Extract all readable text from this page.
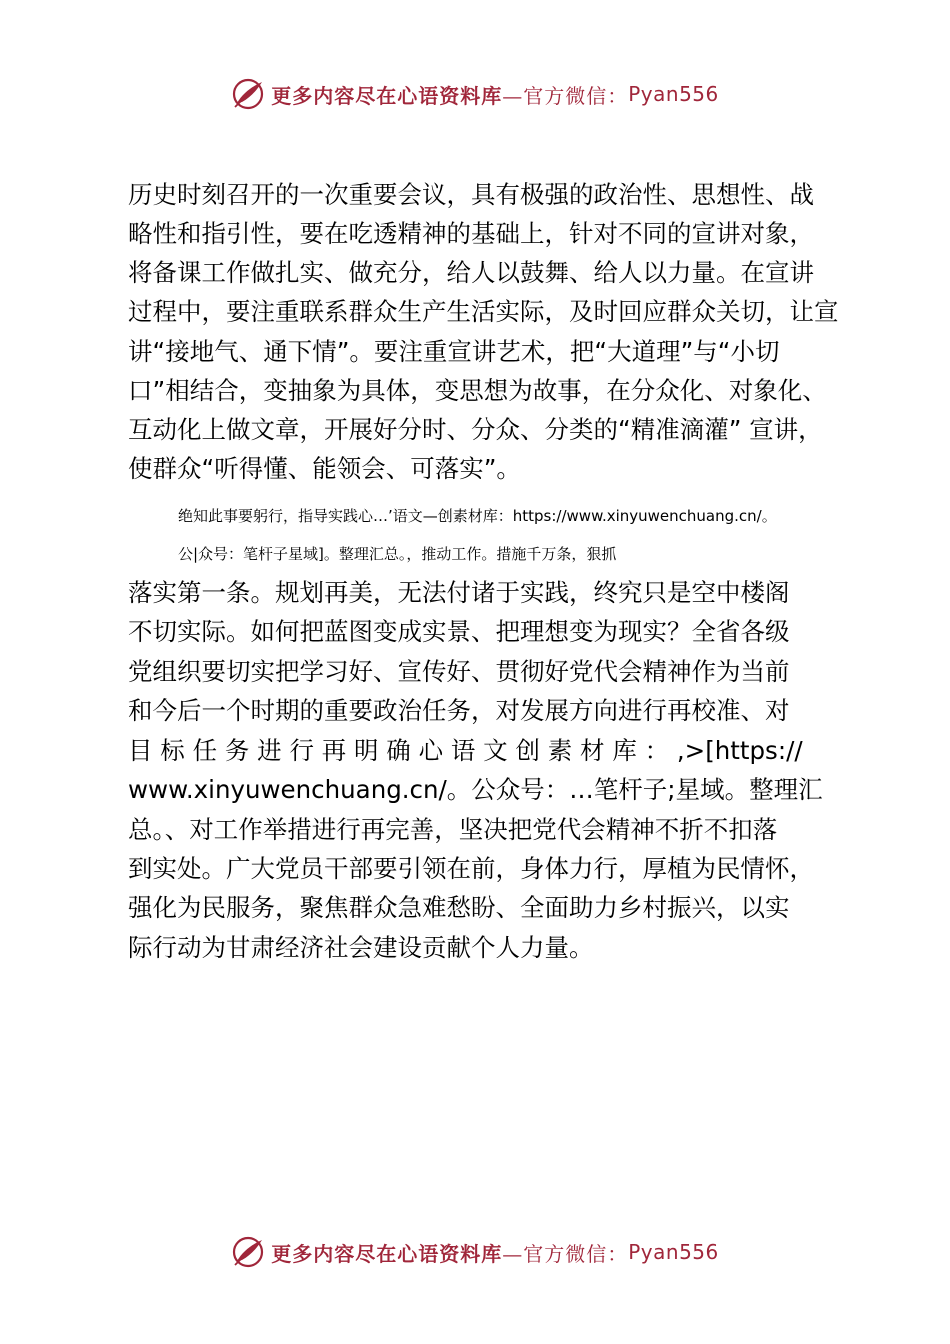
更多内容尽在心语资料库 —官方微信： Pyan556
历史时刻召开的一次重要会议，具有极强的政治性、思想性、战
略性和指引性，要在吃透精神的基础上，针对不同的宣讲对象，
将备课工作做扎实、做充分，给人以鼓舞、给人以力量。在宣讲
过程中，要注重联系群众生产生活实际，及时回应群众关切，让宣
讲“接地气、通下情”。要注重宣讲艺术，把“大道理”与“小切
口”相结合，变抽象为具体，变思想为故事，在分众化、对象化、
互动化上做文章，开展好分时、分众、分类的“精准滴灌” 宣讲，
使群众“听得懂、能领会、可落实”。
绝知此事要躬行，指导实践心…’语文—创素材库：https://www.xinyuwenchuang.cn/。
公|众号：笔杆子星域]。整理汇总。，推动工作。措施千万条，狠抓
落实第一条。规划再美，无法付诸于实践，终究只是空中楼阁
不切实际。如何把蓝图变成实景、把理想变为现实？全省各级
党组织要切实把学习好、宣传好、贯彻好党代会精神作为当前
和今后一个时期的重要政治任务，对发展方向进行再校准、对
目 标 任 务 进 行 再 明 确 心 语 文 创 素 材 库 ： ,>[https://
www.xinyuwenchuang.cn/。公众号：…笔杆子;星域。整理汇
总。、对工作举措进行再完善，坚决把党代会精神不折不扣落
到实处。广大党员干部要引领在前，身体力行，厚植为民情怀，
强化为民服务，聚焦群众急难愁盼、全面助力乡村振兴，以实
际行动为甘肃经济社会建设贡献个人力量。
更多内容尽在心语资料库 —官方微信： Pyan556
